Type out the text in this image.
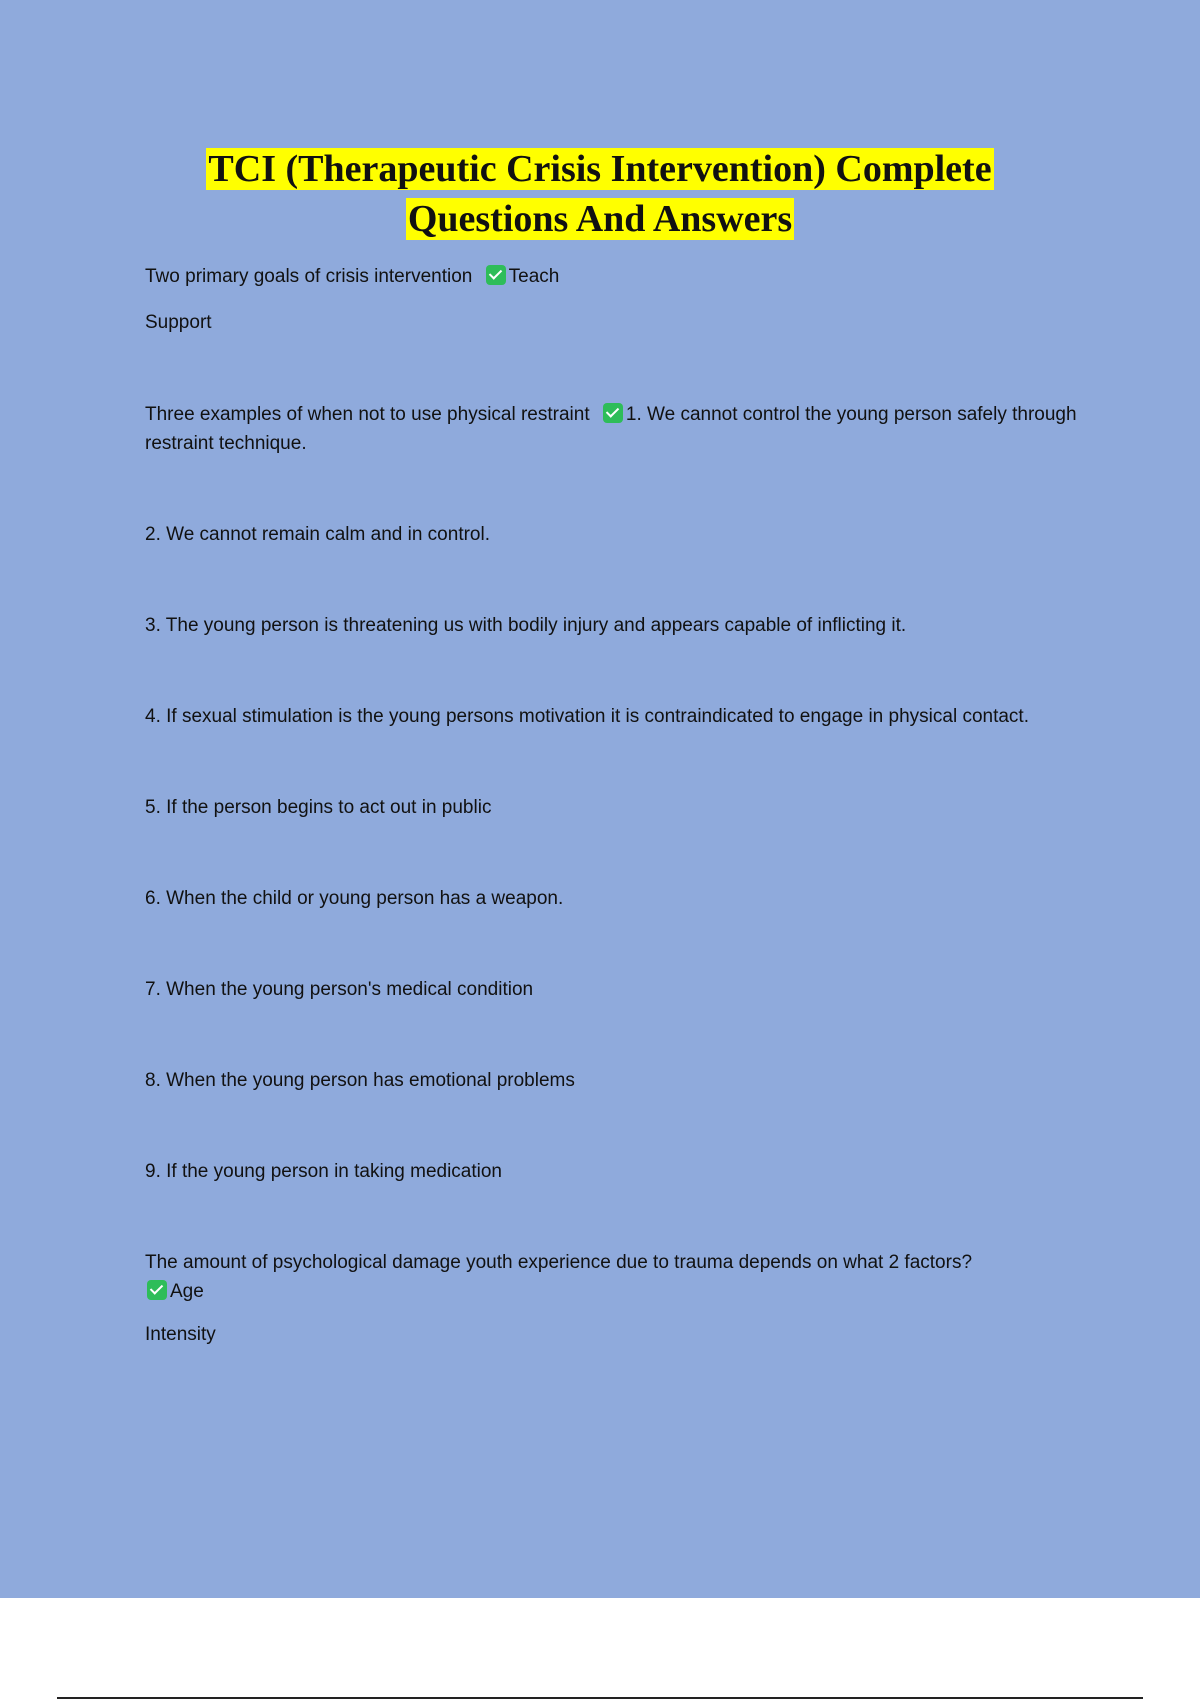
TCI (Therapeutic Crisis Intervention) Complete
Questions And Answers

Two primary goals of crisis intervention Teach

Support

Three examples of when not to use physical restraint 1. We cannot control the young person safely through restraint technique.

2. We cannot remain calm and in control.

3. The young person is threatening us with bodily injury and appears capable of inflicting it.

4. If sexual stimulation is the young persons motivation it is contraindicated to engage in physical contact.

5. If the person begins to act out in public

6. When the child or young person has a weapon.

7. When the young person's medical condition

8. When the young person has emotional problems

9. If the young person in taking medication

The amount of psychological damage youth experience due to trauma depends on what 2 factors?
Age

Intensity
